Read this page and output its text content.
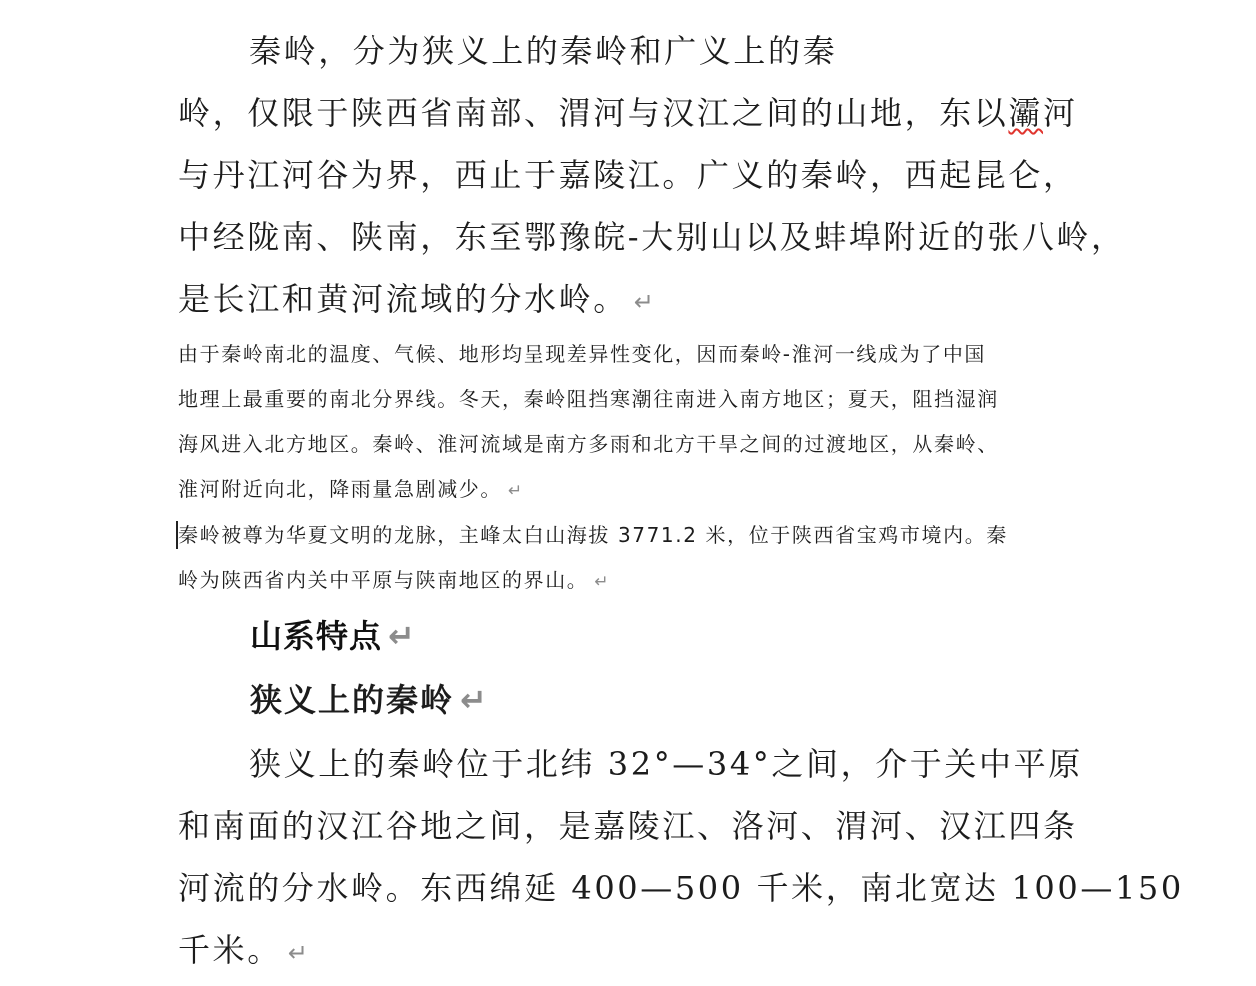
秦岭，分为狭义上的秦岭和广义上的秦
岭，仅限于陕西省南部、渭河与汉江之间的山地，东以灞河
与丹江河谷为界，西止于嘉陵江。广义的秦岭，西起昆仑，
中经陇南、陕南，东至鄂豫皖-大别山以及蚌埠附近的张八岭，
是长江和黄河流域的分水岭。 ↵

由于秦岭南北的温度、气候、地形均呈现差异性变化，因而秦岭-淮河一线成为了中国
地理上最重要的南北分界线。冬天，秦岭阻挡寒潮往南进入南方地区；夏天，阻挡湿润
海风进入北方地区。秦岭、淮河流域是南方多雨和北方干旱之间的过渡地区，从秦岭、
淮河附近向北，降雨量急剧减少。 ↵

秦岭被尊为华夏文明的龙脉，主峰太白山海拔 3771.2 米，位于陕西省宝鸡市境内。秦
岭为陕西省内关中平原与陕南地区的界山。 ↵

山系特点 ↵
狭义上的秦岭 ↵

狭义上的秦岭位于北纬 32°—34°之间，介于关中平原
和南面的汉江谷地之间，是嘉陵江、洛河、渭河、汉江四条
河流的分水岭。东西绵延 400—500 千米，南北宽达 100—150
千米。 ↵
